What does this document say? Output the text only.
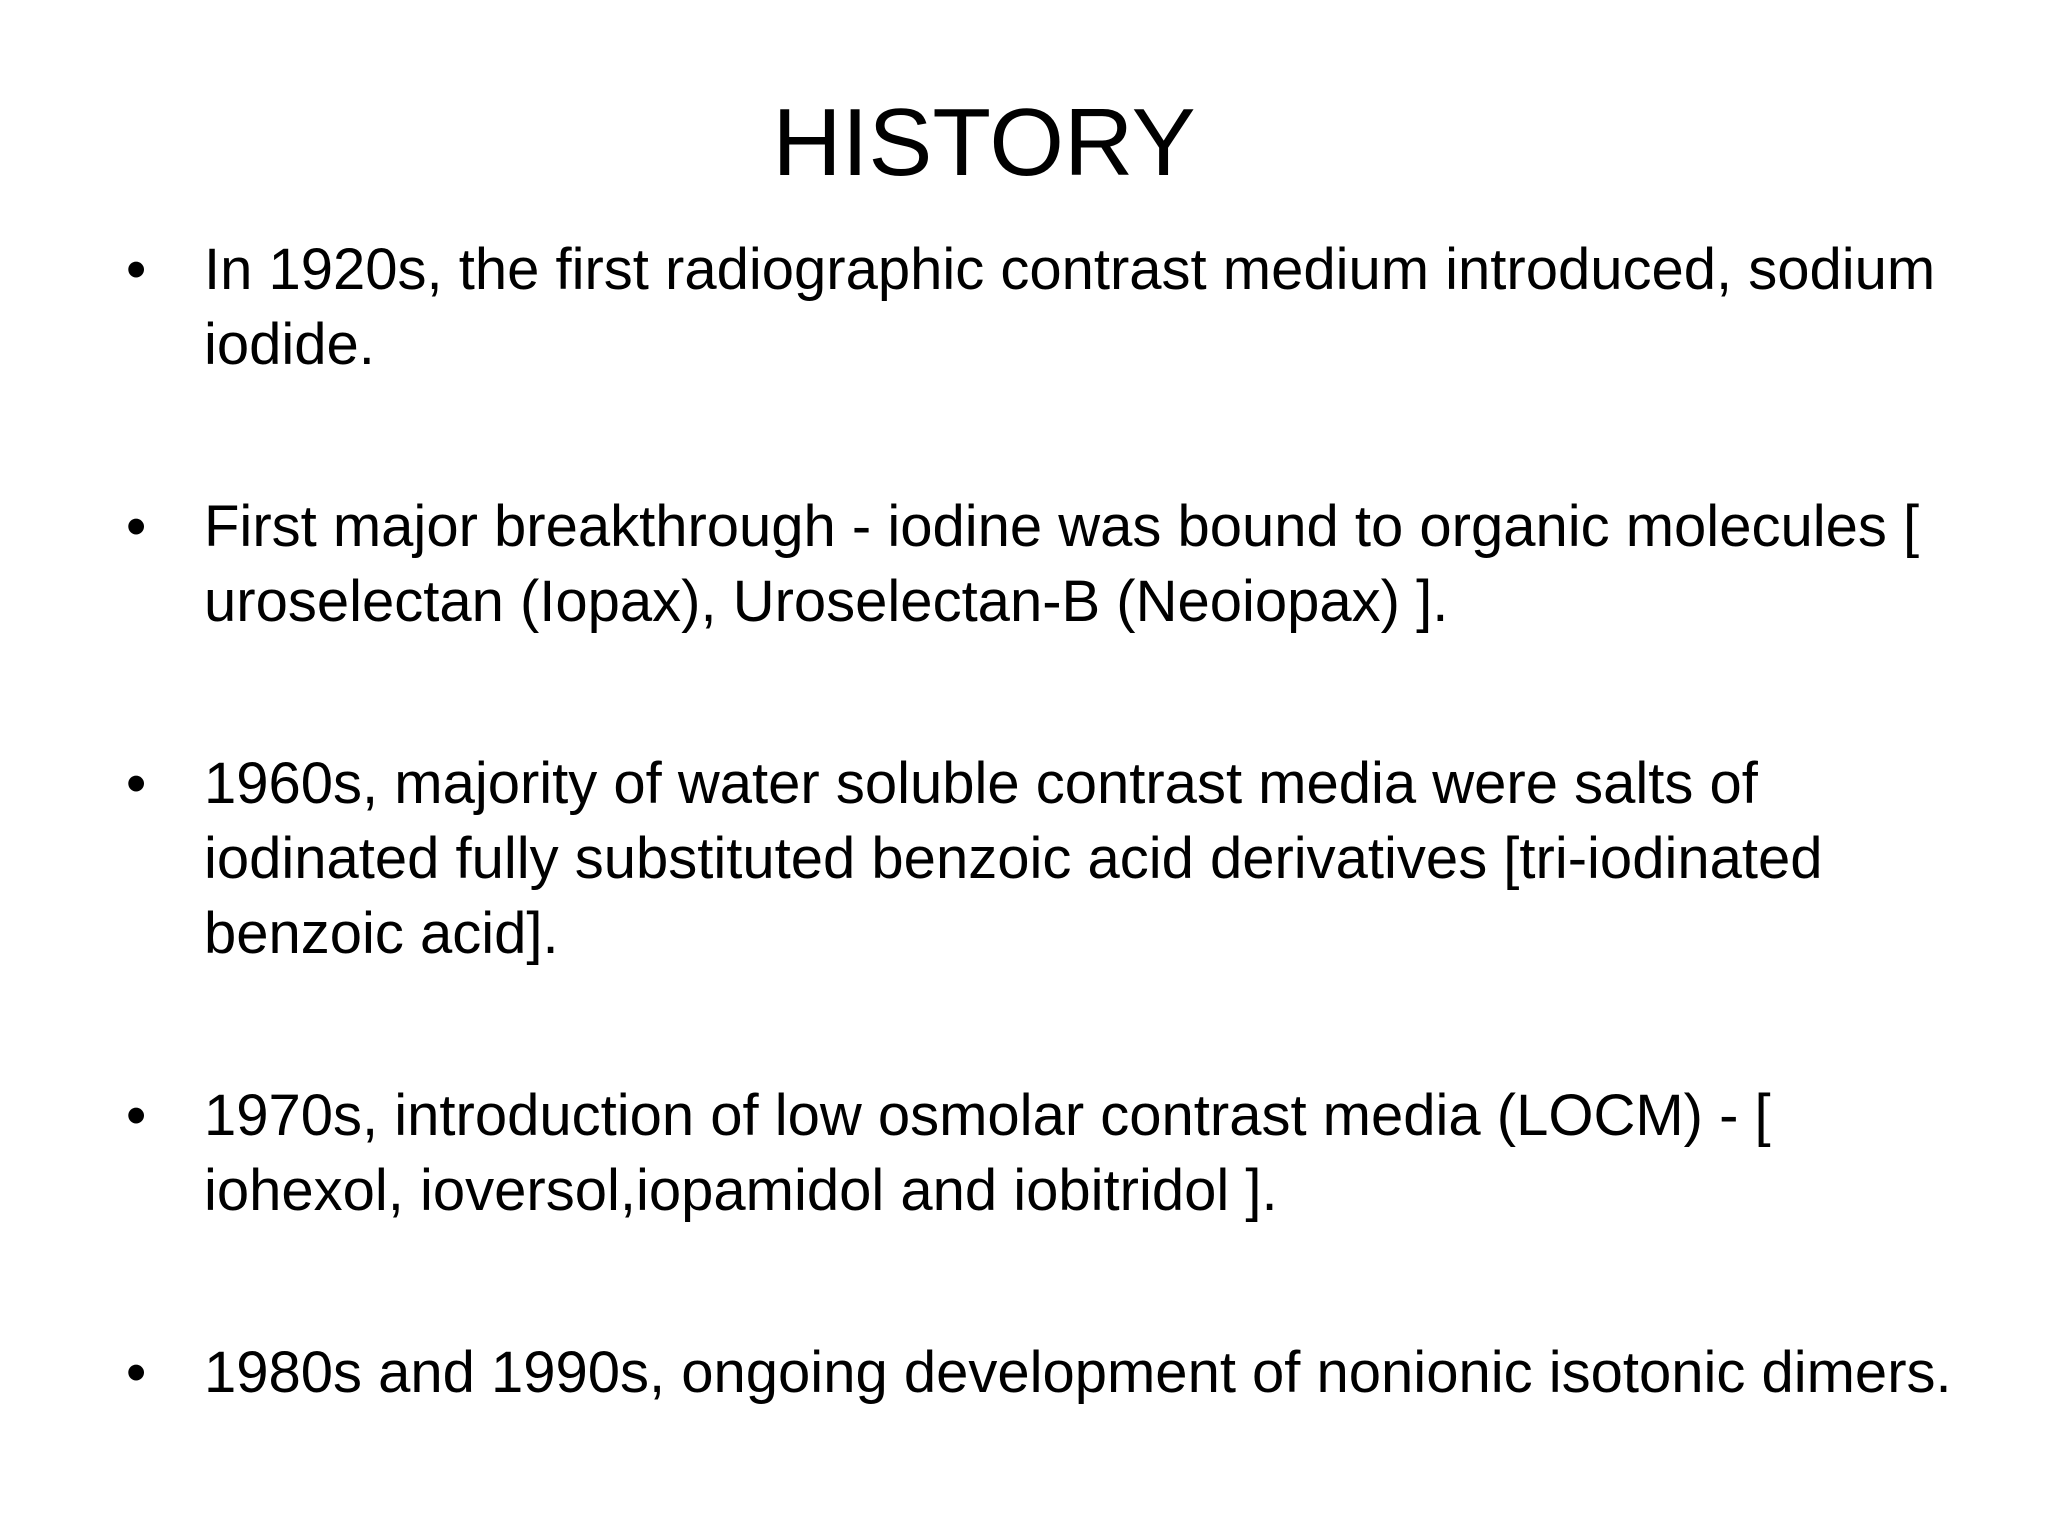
HISTORY
• In 1920s, the first radiographic contrast medium introduced, sodium iodide.
• First major breakthrough - iodine was bound to organic molecules [ uroselectan (Iopax), Uroselectan-B (Neoiopax) ].
• 1960s, majority of water soluble contrast media were salts of iodinated fully substituted benzoic acid derivatives [tri-iodinated benzoic acid].
• 1970s, introduction of low osmolar contrast media (LOCM) - [ iohexol, ioversol,iopamidol and iobitridol ].
• 1980s and 1990s, ongoing development of nonionic isotonic dimers.
